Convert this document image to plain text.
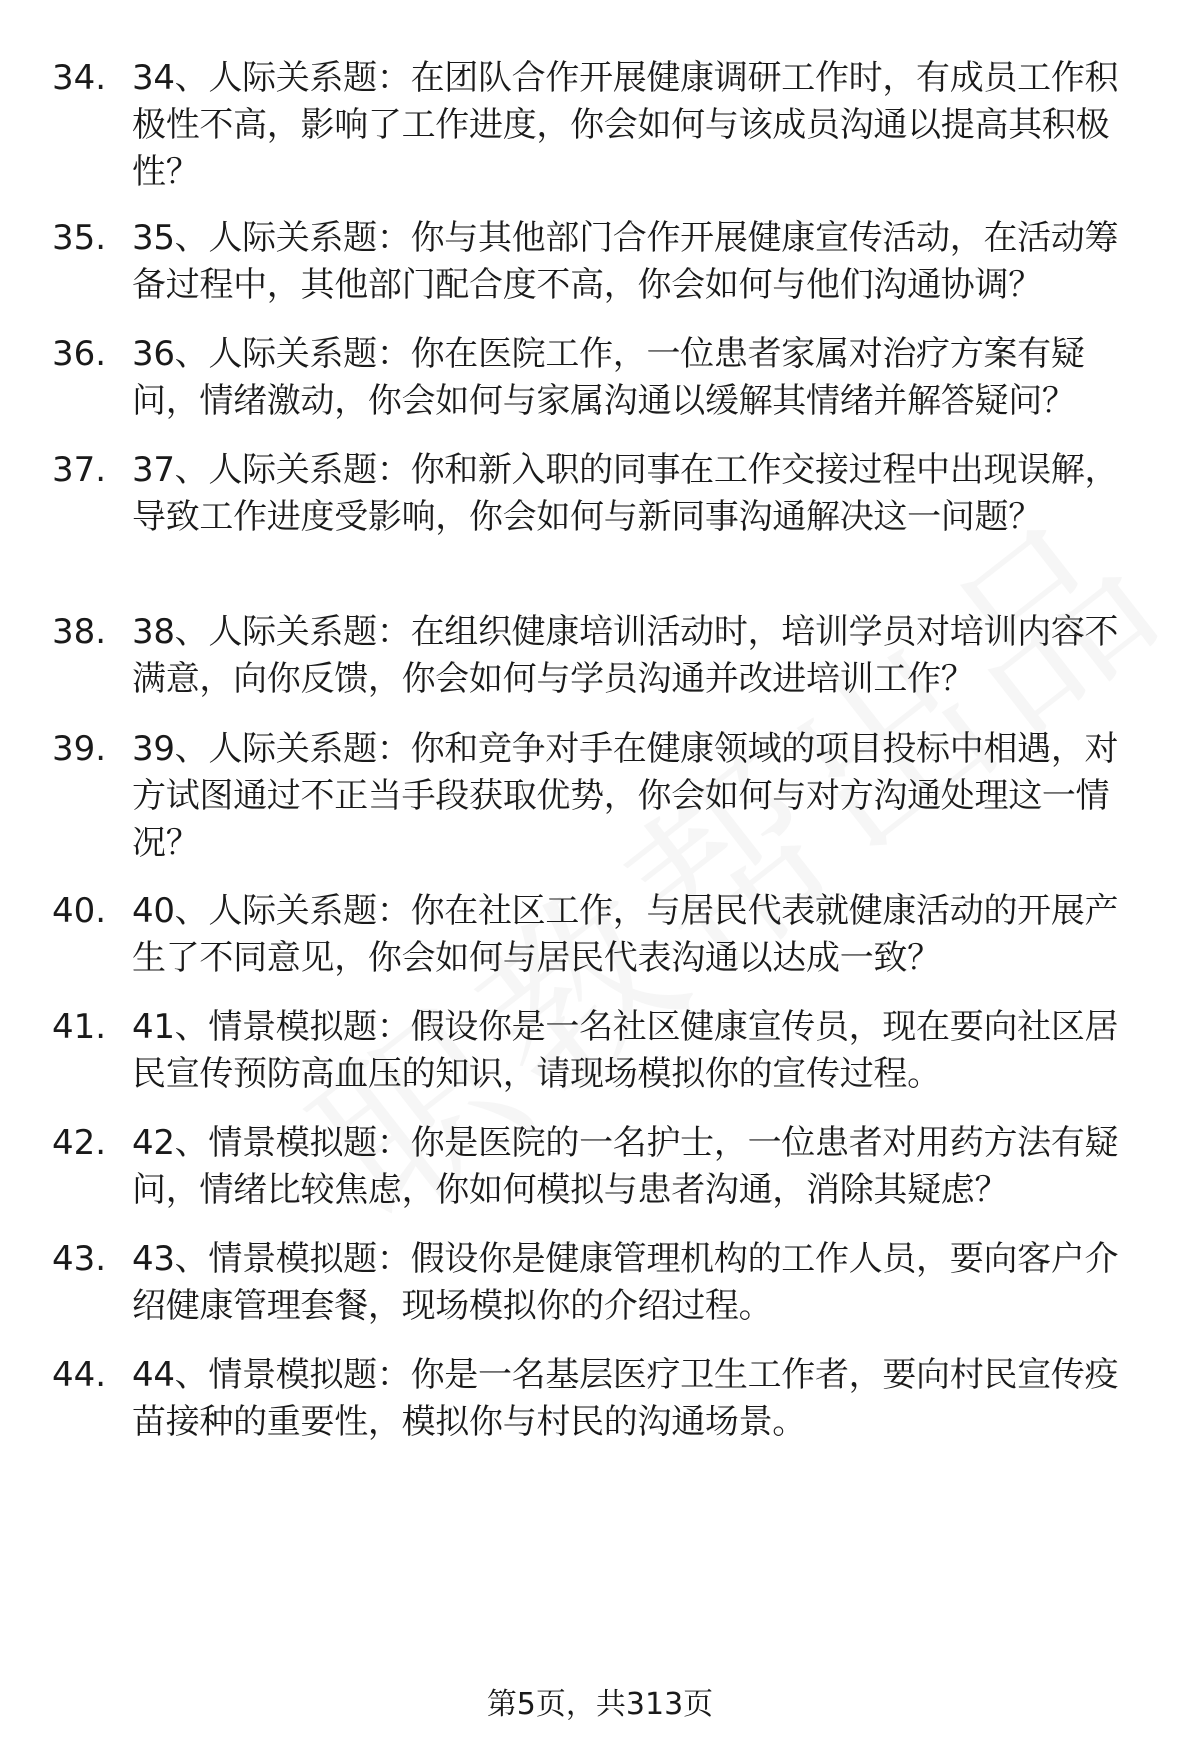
34. 34、人际关系题：在团队合作开展健康调研工作时，有成员工作积极性不高，影响了工作进度，你会如何与该成员沟通以提高其积极性？
35. 35、人际关系题：你与其他部门合作开展健康宣传活动，在活动筹备过程中，其他部门配合度不高，你会如何与他们沟通协调？
36. 36、人际关系题：你在医院工作，一位患者家属对治疗方案有疑问，情绪激动，你会如何与家属沟通以缓解其情绪并解答疑问？
37. 37、人际关系题：你和新入职的同事在工作交接过程中出现误解，导致工作进度受影响，你会如何与新同事沟通解决这一问题？
38. 38、人际关系题：在组织健康培训活动时，培训学员对培训内容不满意，向你反馈，你会如何与学员沟通并改进培训工作？
39. 39、人际关系题：你和竞争对手在健康领域的项目投标中相遇，对方试图通过不正当手段获取优势，你会如何与对方沟通处理这一情况？
40. 40、人际关系题：你在社区工作，与居民代表就健康活动的开展产生了不同意见，你会如何与居民代表沟通以达成一致？
41. 41、情景模拟题：假设你是一名社区健康宣传员，现在要向社区居民宣传预防高血压的知识，请现场模拟你的宣传过程。
42. 42、情景模拟题：你是医院的一名护士，一位患者对用药方法有疑问，情绪比较焦虑，你如何模拟与患者沟通，消除其疑虑？
43. 43、情景模拟题：假设你是健康管理机构的工作人员，要向客户介绍健康管理套餐，现场模拟你的介绍过程。
44. 44、情景模拟题：你是一名基层医疗卫生工作者，要向村民宣传疫苗接种的重要性，模拟你与村民的沟通场景。
第5页，共313页
